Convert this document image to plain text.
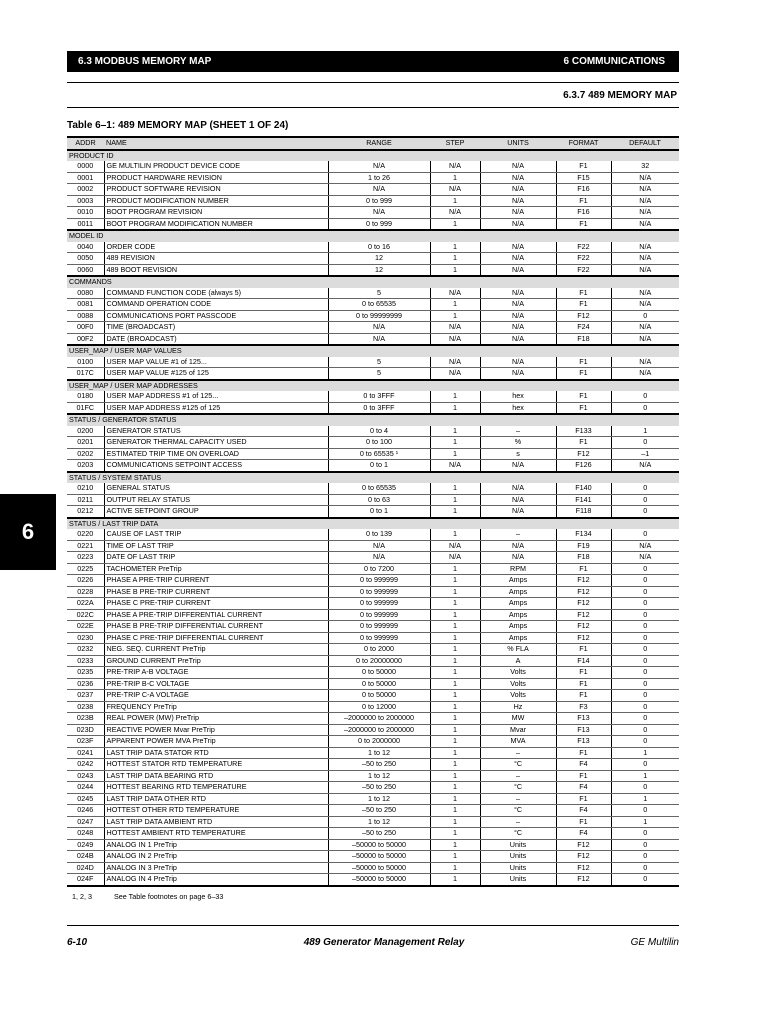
6.3 MODBUS MEMORY MAP	6 COMMUNICATIONS
6.3.7 489 MEMORY MAP
Table 6–1: 489 MEMORY MAP (SHEET 1 OF 24)
6
ADDR	NAME	RANGE	STEP	UNITS	FORMAT	DEFAULT
PRODUCT ID						
0000	GE MULTILIN PRODUCT DEVICE CODE	N/A	N/A	N/A	F1	32
0001	PRODUCT HARDWARE REVISION	1 to 26	1	N/A	F15	N/A
0002	PRODUCT SOFTWARE REVISION	N/A	N/A	N/A	F16	N/A
0003	PRODUCT MODIFICATION NUMBER	0 to 999	1	N/A	F1	N/A
0010	BOOT PROGRAM REVISION	N/A	N/A	N/A	F16	N/A
0011	BOOT PROGRAM MODIFICATION NUMBER	0 to 999	1	N/A	F1	N/A
MODEL ID						
0040	ORDER CODE	0 to 16	1	N/A	F22	N/A
0050	489 REVISION	12	1	N/A	F22	N/A
0060	489 BOOT REVISION	12	1	N/A	F22	N/A
COMMANDS						
0080	COMMAND FUNCTION CODE (always 5)	5	N/A	N/A	F1	N/A
0081	COMMAND OPERATION CODE	0 to 65535	1	N/A	F1	N/A
0088	COMMUNICATIONS PORT PASSCODE	0 to 99999999	1	N/A	F12	0
00F0	TIME (BROADCAST)	N/A	N/A	N/A	F24	N/A
00F2	DATE (BROADCAST)	N/A	N/A	N/A	F18	N/A
USER_MAP / USER MAP VALUES						
0100	USER MAP VALUE #1 of 125...	5	N/A	N/A	F1	N/A
017C	USER MAP VALUE #125 of 125	5	N/A	N/A	F1	N/A
USER_MAP / USER MAP ADDRESSES						
0180	USER MAP ADDRESS #1 of 125...	0 to 3FFF	1	hex	F1	0
01FC	USER MAP ADDRESS #125 of 125	0 to 3FFF	1	hex	F1	0
STATUS / GENERATOR STATUS						
0200	GENERATOR STATUS	0 to 4	1	–	F133	1
0201	GENERATOR THERMAL CAPACITY USED	0 to 100	1	%	F1	0
0202	ESTIMATED TRIP TIME ON OVERLOAD	0 to 65535 ¹	1	s	F12	–1
0203	COMMUNICATIONS SETPOINT ACCESS	0 to 1	N/A	N/A	F126	N/A
STATUS / SYSTEM STATUS						
0210	GENERAL STATUS	0 to 65535	1	N/A	F140	0
0211	OUTPUT RELAY STATUS	0 to 63	1	N/A	F141	0
0212	ACTIVE SETPOINT GROUP	0 to 1	1	N/A	F118	0
STATUS / LAST TRIP DATA						
0220	CAUSE OF LAST TRIP	0 to 139	1	–	F134	0
0221	TIME OF LAST TRIP	N/A	N/A	N/A	F19	N/A
0223	DATE OF LAST TRIP	N/A	N/A	N/A	F18	N/A
0225	TACHOMETER PreTrip	0 to 7200	1	RPM	F1	0
0226	PHASE A PRE-TRIP CURRENT	0 to 999999	1	Amps	F12	0
0228	PHASE B PRE-TRIP CURRENT	0 to 999999	1	Amps	F12	0
022A	PHASE C PRE-TRIP CURRENT	0 to 999999	1	Amps	F12	0
022C	PHASE A PRE-TRIP DIFFERENTIAL CURRENT	0 to 999999	1	Amps	F12	0
022E	PHASE B PRE-TRIP DIFFERENTIAL CURRENT	0 to 999999	1	Amps	F12	0
0230	PHASE C PRE-TRIP DIFFERENTIAL CURRENT	0 to 999999	1	Amps	F12	0
0232	NEG. SEQ. CURRENT PreTrip	0 to 2000	1	% FLA	F1	0
0233	GROUND CURRENT PreTrip	0 to 20000000	1	A	F14	0
0235	PRE-TRIP A-B VOLTAGE	0 to 50000	1	Volts	F1	0
0236	PRE-TRIP B-C VOLTAGE	0 to 50000	1	Volts	F1	0
0237	PRE-TRIP C-A VOLTAGE	0 to 50000	1	Volts	F1	0
0238	FREQUENCY PreTrip	0 to 12000	1	Hz	F3	0
023B	REAL POWER (MW) PreTrip	–2000000 to 2000000	1	MW	F13	0
023D	REACTIVE POWER Mvar PreTrip	–2000000 to 2000000	1	Mvar	F13	0
023F	APPARENT POWER MVA PreTrip	0 to 2000000	1	MVA	F13	0
0241	LAST TRIP DATA STATOR RTD	1 to 12	1	–	F1	1
0242	HOTTEST STATOR RTD TEMPERATURE	–50 to 250	1	°C	F4	0
0243	LAST TRIP DATA BEARING RTD	1 to 12	1	–	F1	1
0244	HOTTEST BEARING RTD TEMPERATURE	–50 to 250	1	°C	F4	0
0245	LAST TRIP DATA OTHER RTD	1 to 12	1	–	F1	1
0246	HOTTEST OTHER RTD TEMPERATURE	–50 to 250	1	°C	F4	0
0247	LAST TRIP DATA AMBIENT RTD	1 to 12	1	–	F1	1
0248	HOTTEST AMBIENT RTD TEMPERATURE	–50 to 250	1	°C	F4	0
0249	ANALOG IN 1 PreTrip	–50000 to 50000	1	Units	F12	0
024B	ANALOG IN 2 PreTrip	–50000 to 50000	1	Units	F12	0
024D	ANALOG IN 3 PreTrip	–50000 to 50000	1	Units	F12	0
024F	ANALOG IN 4 PreTrip	–50000 to 50000	1	Units	F12	0
1, 2, 3	See Table footnotes on page 6–33
6-10	489 Generator Management Relay	GE Multilin
